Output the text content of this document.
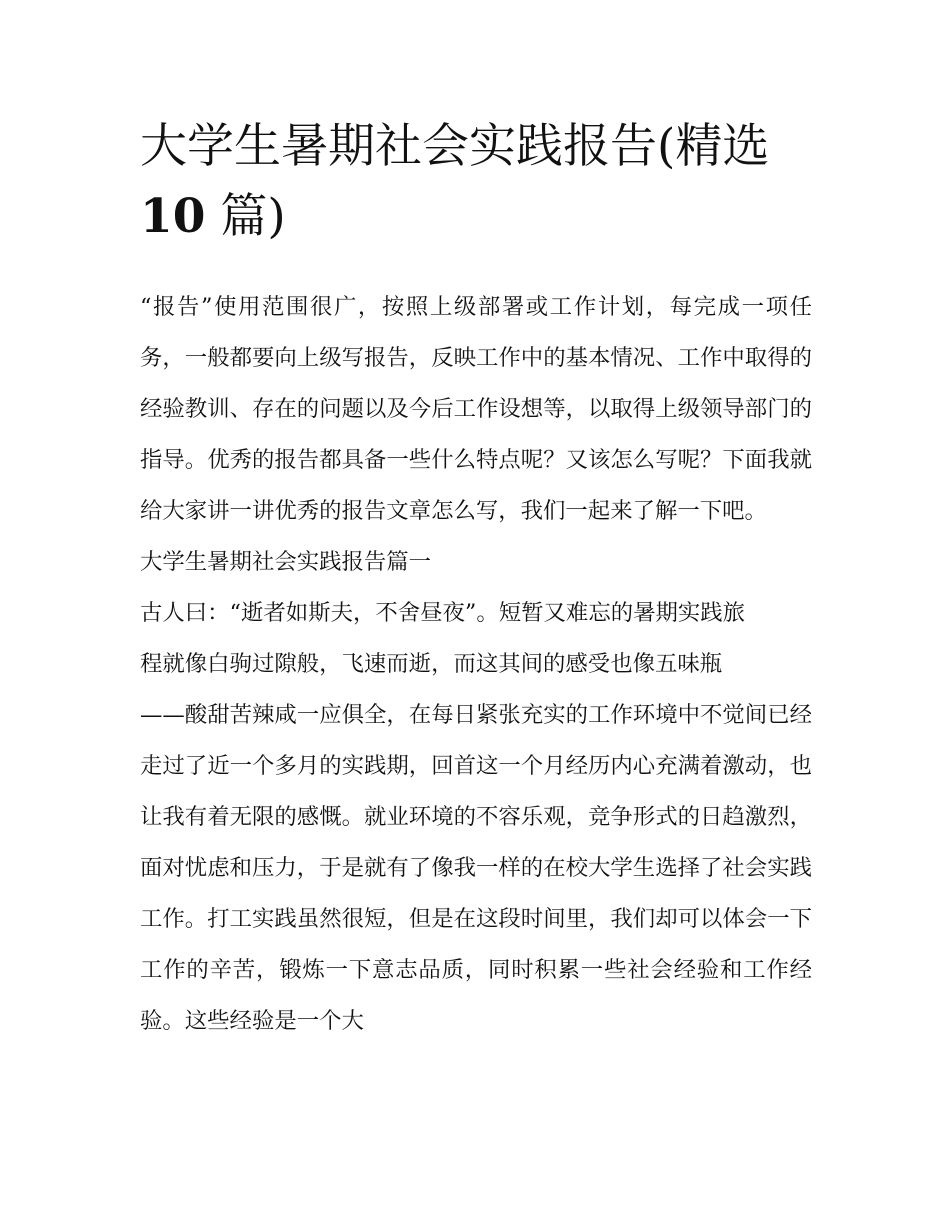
大学生暑期社会实践报告(精选
10 篇)

“报告”使用范围很广，按照上级部署或工作计划，每完成一项任务，一般都要向上级写报告，反映工作中的基本情况、工作中取得的经验教训、存在的问题以及今后工作设想等，以取得上级领导部门的指导。优秀的报告都具备一些什么特点呢？又该怎么写呢？下面我就给大家讲一讲优秀的报告文章怎么写，我们一起来了解一下吧。

大学生暑期社会实践报告篇一

古人曰：“逝者如斯夫，不舍昼夜”。短暂又难忘的暑期实践旅
程就像白驹过隙般，飞速而逝，而这其间的感受也像五味瓶
——酸甜苦辣咸一应俱全，在每日紧张充实的工作环境中不觉间已经走过了近一个多月的实践期，回首这一个月经历内心充满着激动，也让我有着无限的感慨。就业环境的不容乐观，竞争形式的日趋激烈，面对忧虑和压力，于是就有了像我一样的在校大学生选择了社会实践工作。打工实践虽然很短，但是在这段时间里，我们却可以体会一下工作的辛苦，锻炼一下意志品质，同时积累一些社会经验和工作经验。这些经验是一个大
